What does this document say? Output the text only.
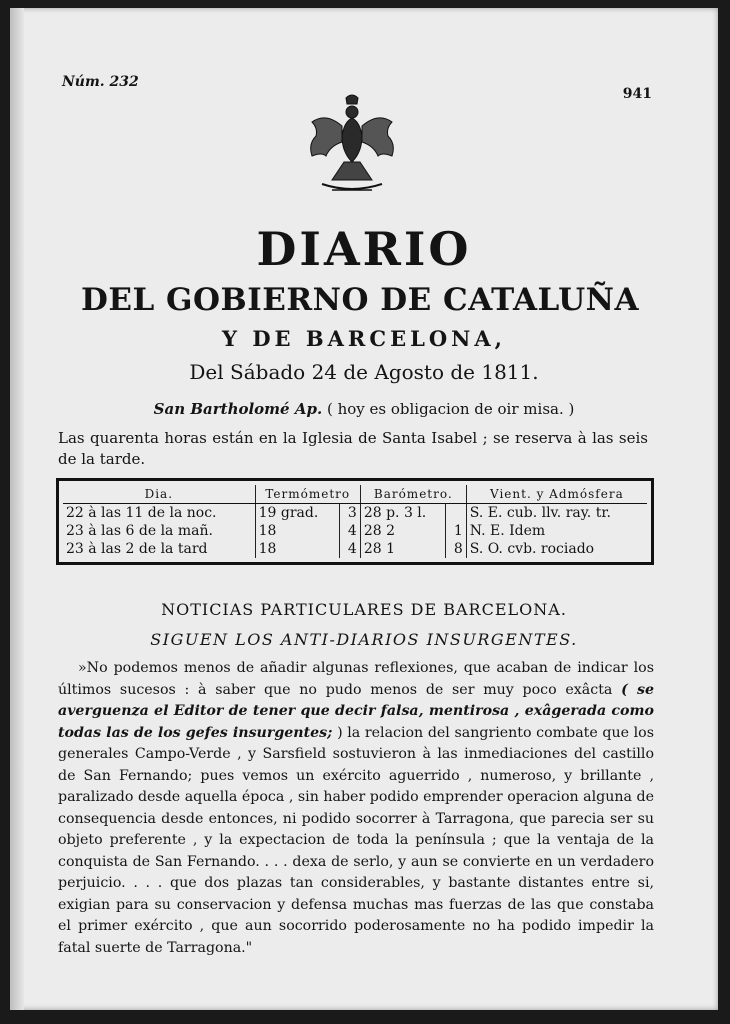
Núm. 232
941
DIARIO
DEL GOBIERNO DE CATALUÑA
Y DE BARCELONA,
Del Sábado 24 de Agosto de 1811.
San Bartholomé Ap. ( hoy es obligacion de oir misa. )
Las quarenta horas están en la Iglesia de Santa Isabel ; se reserva à las seis de la tarde.
Dia.	Termómetro		Barómetro.		Vient. y Admósfera
22 à las 11 de la noc.	19 grad.	3	28 p. 3 l.		S. E. cub. llv. ray. tr.
23 à las 6 de la mañ.	18	4	28 2	1	N. E. Idem
23 à las 2 de la tard	18	4	28 1	8	S. O. cvb. rociado
NOTICIAS PARTICULARES DE BARCELONA.
SIGUEN LOS ANTI-DIARIOS INSURGENTES.

»No podemos menos de añadir algunas reflexiones, que acaban de indicar los últimos sucesos : à saber que no pudo menos de ser muy poco exâcta ( se averguenza el Editor de tener que decir falsa, mentirosa , exâgerada como todas las de los gefes insurgentes; ) la relacion del sangriento combate que los generales Campo-Verde , y Sarsfield sostuvieron à las inmediaciones del castillo de San Fernando; pues vemos un exército aguerrido , numeroso, y brillante , paralizado desde aquella época , sin haber podido emprender operacion alguna de consequencia desde entonces, ni podido socorrer à Tarragona, que parecia ser su objeto preferente , y la expectacion de toda la península ; que la ventaja de la conquista de San Fernando. . . . dexa de serlo, y aun se convierte en un verdadero perjuicio. . . . que dos plazas tan considerables, y bastante distantes entre si, exigian para su conservacion y defensa muchas mas fuerzas de las que constaba el primer exército , que aun socorrido poderosamente no ha podido impedir la fatal suerte de Tarragona."
